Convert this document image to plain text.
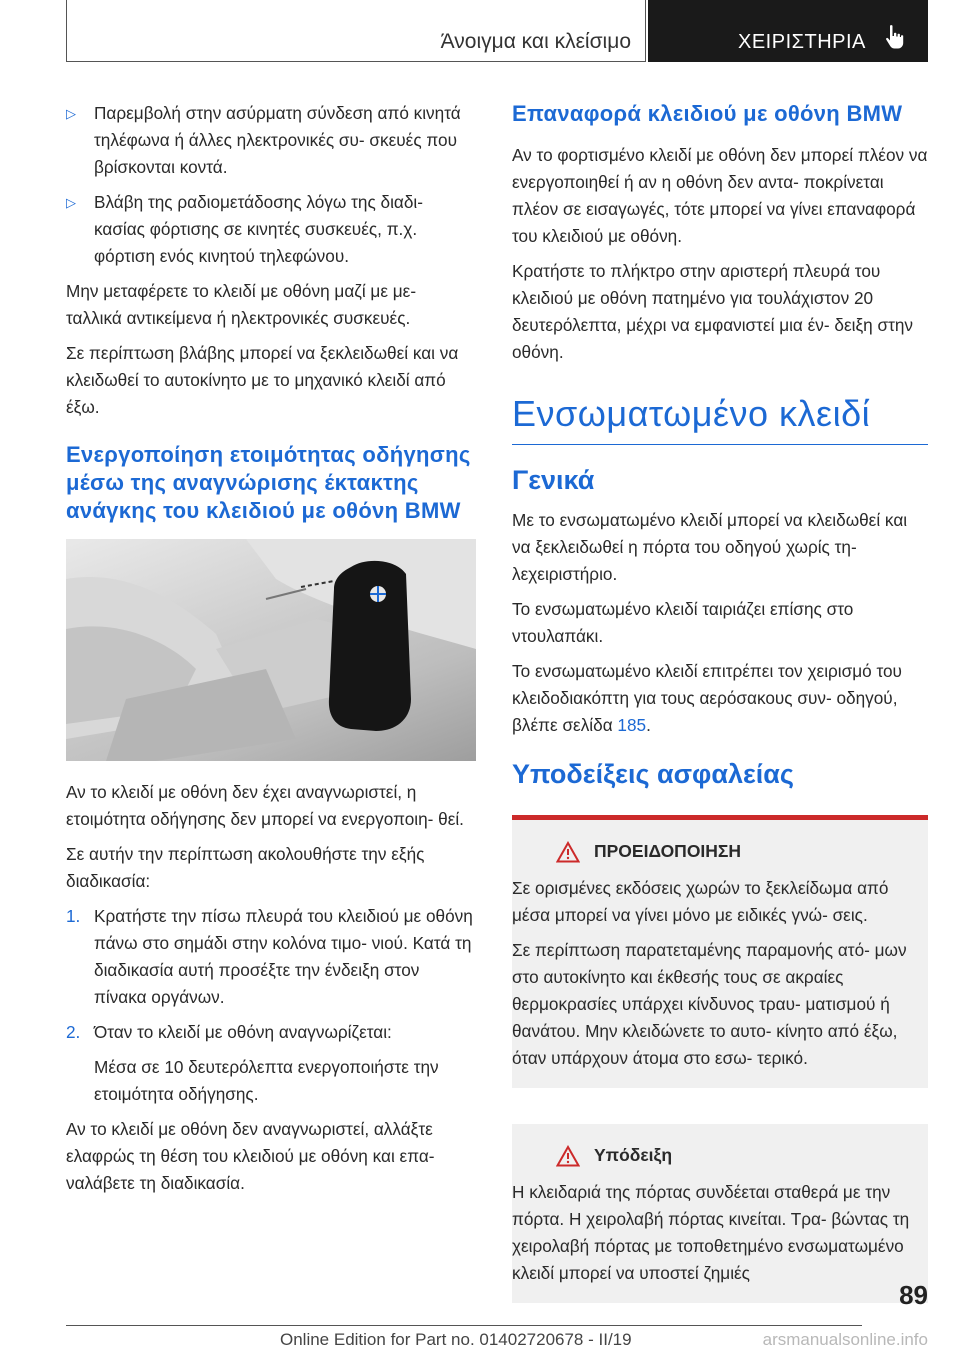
Άνοιγμα και κλείσιμο	ΧΕΙΡΙΣΤΗΡΙΑ
▷ Παρεμβολή στην ασύρματη σύνδεση από κινητά τηλέφωνα ή άλλες ηλεκτρονικές συ- σκευές που βρίσκονται κοντά.
▷ Βλάβη της ραδιομετάδοσης λόγω της διαδι- κασίας φόρτισης σε κινητές συσκευές, π.χ. φόρτιση ενός κινητού τηλεφώνου.

Μην μεταφέρετε το κλειδί με οθόνη μαζί με με- ταλλικά αντικείμενα ή ηλεκτρονικές συσκευές.

Σε περίπτωση βλάβης μπορεί να ξεκλειδωθεί και να κλειδωθεί το αυτοκίνητο με το μηχανικό κλειδί από έξω.

Ενεργοποίηση ετοιμότητας οδήγησης μέσω της αναγνώρισης έκτακτης ανάγκης του κλειδιού με οθόνη BMW

Αν το κλειδί με οθόνη δεν έχει αναγνωριστεί, η ετοιμότητα οδήγησης δεν μπορεί να ενεργοποιη- θεί.

Σε αυτήν την περίπτωση ακολουθήστε την εξής διαδικασία:

1. Κρατήστε την πίσω πλευρά του κλειδιού με οθόνη πάνω στο σημάδι στην κολόνα τιμο- νιού. Κατά τη διαδικασία αυτή προσέξτε την ένδειξη στον πίνακα οργάνων.
2. Όταν το κλειδί με οθόνη αναγνωρίζεται:
Μέσα σε 10 δευτερόλεπτα ενεργοποιήστε την ετοιμότητα οδήγησης.

Αν το κλειδί με οθόνη δεν αναγνωριστεί, αλλάξτε ελαφρώς τη θέση του κλειδιού με οθόνη και επα- ναλάβετε τη διαδικασία.

Επαναφορά κλειδιού με οθόνη BMW

Αν το φορτισμένο κλειδί με οθόνη δεν μπορεί πλέον να ενεργοποιηθεί ή αν η οθόνη δεν αντα- ποκρίνεται πλέον σε εισαγωγές, τότε μπορεί να γίνει επαναφορά του κλειδιού με οθόνη.

Κρατήστε το πλήκτρο στην αριστερή πλευρά του κλειδιού με οθόνη πατημένο για τουλάχιστον 20 δευτερόλεπτα, μέχρι να εμφανιστεί μια έν- δειξη στην οθόνη.

Ενσωματωμένο κλειδί
Γενικά

Με το ενσωματωμένο κλειδί μπορεί να κλειδωθεί και να ξεκλειδωθεί η πόρτα του οδηγού χωρίς τη- λεχειριστήριο.

Το ενσωματωμένο κλειδί ταιριάζει επίσης στο ντουλαπάκι.

Το ενσωματωμένο κλειδί επιτρέπει τον χειρισμό του κλειδοδιακόπτη για τους αερόσακους συν- οδηγού, βλέπε σελίδα 185.

Υποδείξεις ασφαλείας
ΠΡΟΕΙΔΟΠΟΙΗΣΗ

Σε ορισμένες εκδόσεις χωρών το ξεκλείδωμα από μέσα μπορεί να γίνει μόνο με ειδικές γνώ- σεις.

Σε περίπτωση παρατεταμένης παραμονής ατό- μων στο αυτοκίνητο και έκθεσής τους σε ακραίες θερμοκρασίες υπάρχει κίνδυνος τραυ- ματισμού ή θανάτου. Μην κλειδώνετε το αυτο- κίνητο από έξω, όταν υπάρχουν άτομα στο εσω- τερικό.

Υπόδειξη

Η κλειδαριά της πόρτας συνδέεται σταθερά με την πόρτα. Η χειρολαβή πόρτας κινείται. Τρα- βώντας τη χειρολαβή πόρτας με τοποθετημένο ενσωματωμένο κλειδί μπορεί να υποστεί ζημιές

89
Online Edition for Part no. 01402720678 - II/19	arsmanualsonline.info
